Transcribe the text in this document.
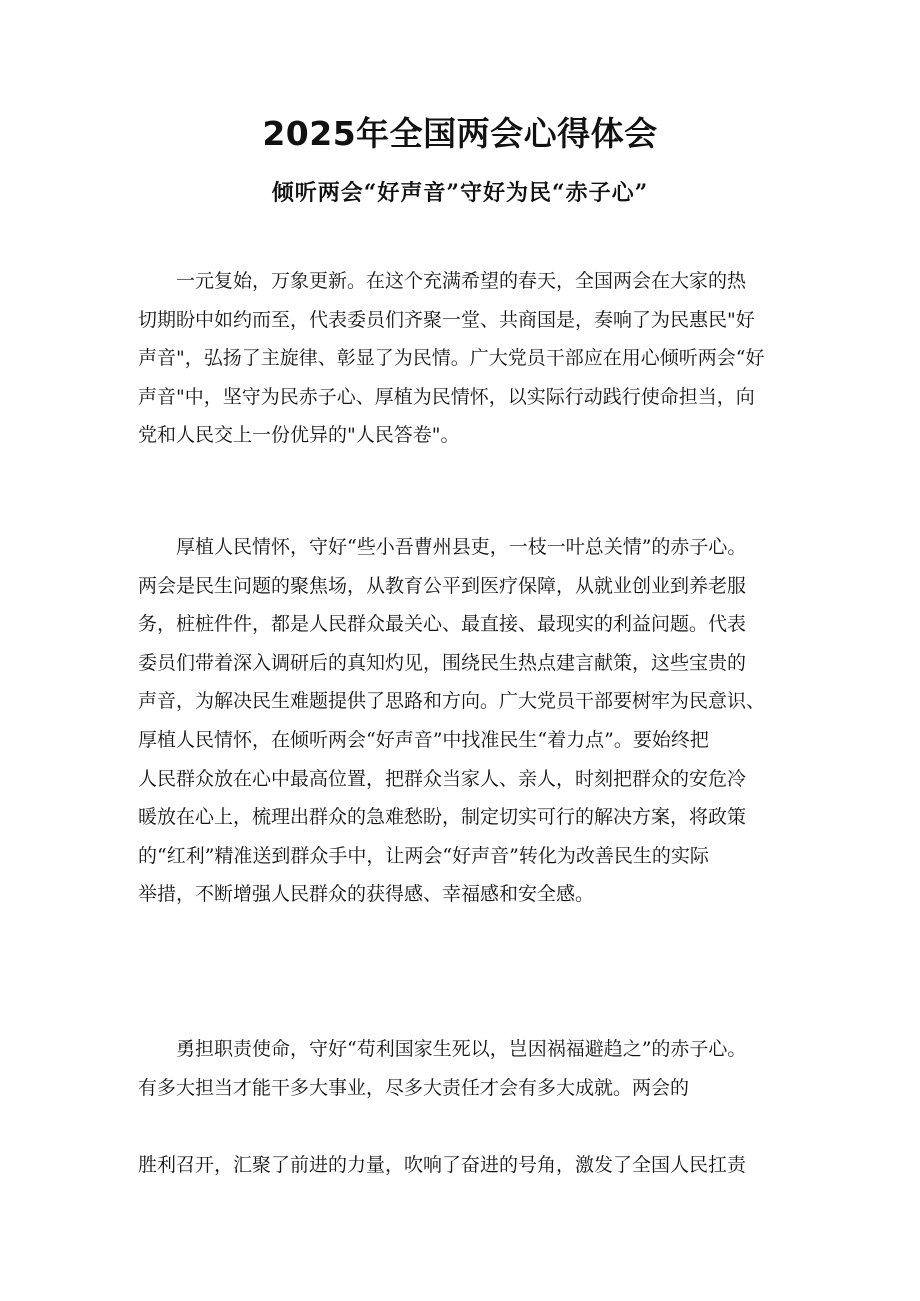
2025年全国两会心得体会
倾听两会“好声音”守好为民“赤子心”
一元复始，万象更新。在这个充满希望的春天，全国两会在大家的热
切期盼中如约而至，代表委员们齐聚一堂、共商国是，奏响了为民惠民"好
声音"，弘扬了主旋律、彰显了为民情。广大党员干部应在用心倾听两会“好
声音"中，坚守为民赤子心、厚植为民情怀，以实际行动践行使命担当，向
党和人民交上一份优异的"人民答卷"。
厚植人民情怀，守好“些小吾曹州县吏，一枝一叶总关情”的赤子心。
两会是民生问题的聚焦场，从教育公平到医疗保障，从就业创业到养老服
务，桩桩件件，都是人民群众最关心、最直接、最现实的利益问题。代表
委员们带着深入调研后的真知灼见，围绕民生热点建言献策，这些宝贵的
声音，为解决民生难题提供了思路和方向。广大党员干部要树牢为民意识、
厚植人民情怀，在倾听两会“好声音”中找准民生“着力点”。要始终把
人民群众放在心中最高位置，把群众当家人、亲人，时刻把群众的安危冷
暖放在心上，梳理出群众的急难愁盼，制定切实可行的解决方案，将政策
的“红利”精准送到群众手中，让两会“好声音”转化为改善民生的实际
举措，不断增强人民群众的获得感、幸福感和安全感。
勇担职责使命，守好“苟利国家生死以，岂因祸福避趋之”的赤子心。
有多大担当才能干多大事业，尽多大责任才会有多大成就。两会的
胜利召开，汇聚了前进的力量，吹响了奋进的号角，激发了全国人民扛责
